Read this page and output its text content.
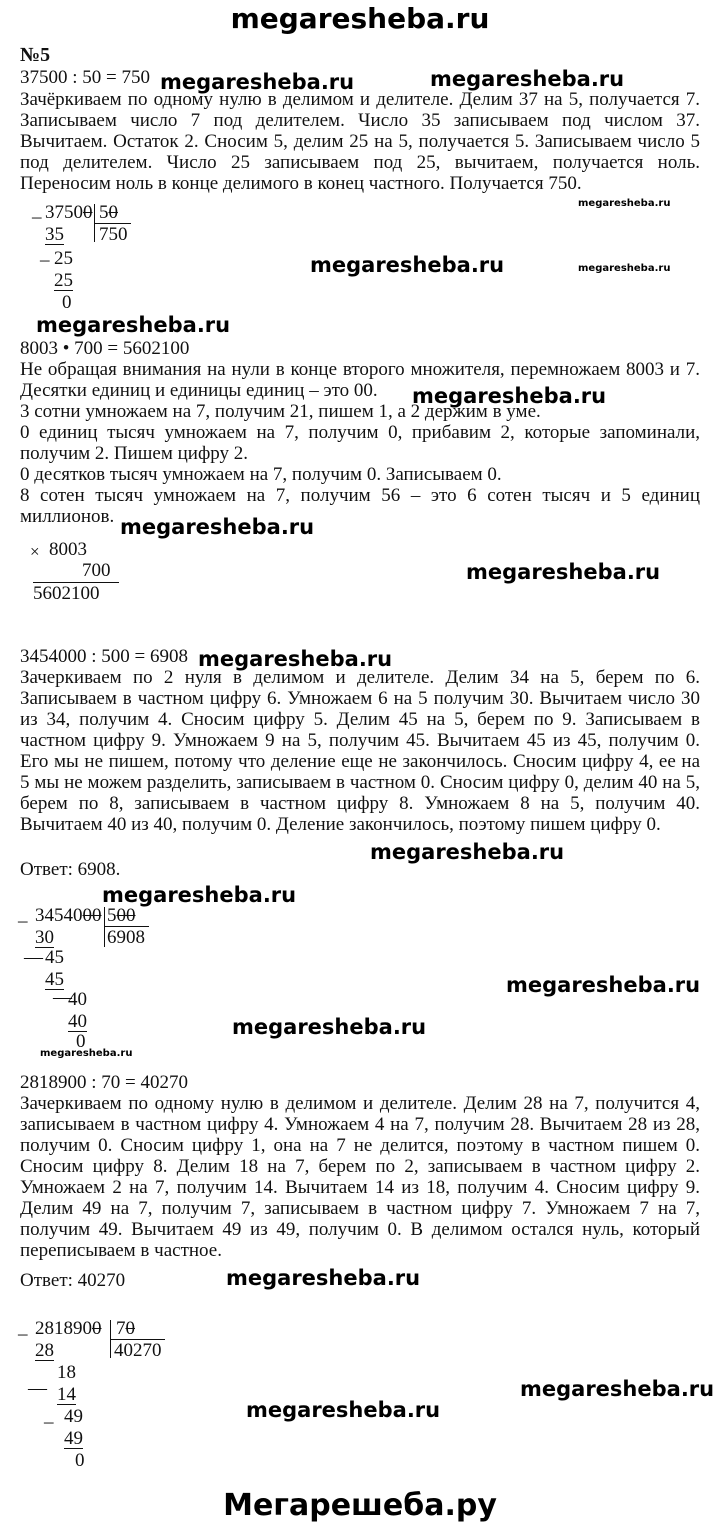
megaresheba.ru
Мегарешеба.ру
megaresheba.ru	megaresheba.ru
megaresheba.ru
megaresheba.ru	megaresheba.ru
megaresheba.ru
megaresheba.ru
megaresheba.ru
megaresheba.ru
megaresheba.ru
megaresheba.ru
megaresheba.ru
megaresheba.ru
megaresheba.ru
megaresheba.ru
megaresheba.ru
megaresheba.ru
megaresheba.ru
№5
37500 : 50 = 750

Зачёркиваем по одному нулю в делимом и делителе. Делим 37 на 5, получается 7. Записываем число 7 под делителем. Число 35 записываем под числом 37. Вычитаем. Остаток 2. Сносим 5, делим 25 на 5, получается 5. Записываем число 5 под делителем. Число 25 записываем под 25, вычитаем, получается ноль. Переносим ноль в конце делимого в конец частного. Получается 750.

_ 37500 50
750
35
_ 25
25
0
8003 • 700 = 5602100

Не обращая внимания на нули в конце второго множителя, перемножаем 8003 и 7. Десятки единиц и единицы единиц – это 00.

3 сотни умножаем на 7, получим 21, пишем 1, а 2 держим в уме.

0 единиц тысяч умножаем на 7, получим 0, прибавим 2, которые запоминали, получим 2. Пишем цифру 2.

0 десятков тысяч умножаем на 7, получим 0. Записываем 0.

8 сотен тысяч умножаем на 7, получим 56 – это 6 сотен тысяч и 5 единиц миллионов.

× 8003
700
5602100
3454000 : 500 = 6908

Зачеркиваем по 2 нуля в делимом и делителе. Делим 34 на 5, берем по 6. Записываем в частном цифру 6. Умножаем 6 на 5 получим 30. Вычитаем число 30 из 34, получим 4. Сносим цифру 5. Делим 45 на 5, берем по 9. Записываем в частном цифру 9. Умножаем 9 на 5, получим 45. Вычитаем 45 из 45, получим 0. Его мы не пишем, потому что деление еще не закончилось. Сносим цифру 4, ее на 5 мы не можем разделить, записываем в частном 0. Сносим цифру 0, делим 40 на 5, берем по 8, записываем в частном цифру 8. Умножаем 8 на 5, получим 40. Вычитаем 40 из 40, получим 0. Деление закончилось, поэтому пишем цифру 0.

Ответ: 6908.
_ 3454000 500
6908
30
— 45
45
—
40
40
0
2818900 : 70 = 40270

Зачеркиваем по одному нулю в делимом и делителе. Делим 28 на 7, получится 4, записываем в частном цифру 4. Умножаем 4 на 7, получим 28. Вычитаем 28 из 28, получим 0. Сносим цифру 1, она на 7 не делится, поэтому в частном пишем 0. Сносим цифру 8. Делим 18 на 7, берем по 2, записываем в частном цифру 2. Умножаем 2 на 7, получим 14. Вычитаем 14 из 18, получим 4. Сносим цифру 9. Делим 49 на 7, получим 7, записываем в частном цифру 7. Умножаем 7 на 7, получим 49. Вычитаем 49 из 49, получим 0. В делимом остался нуль, который переписываем в частное.

Ответ: 40270
_ 2818900 70
40270
28
18
— 14
_ 49
49
0
